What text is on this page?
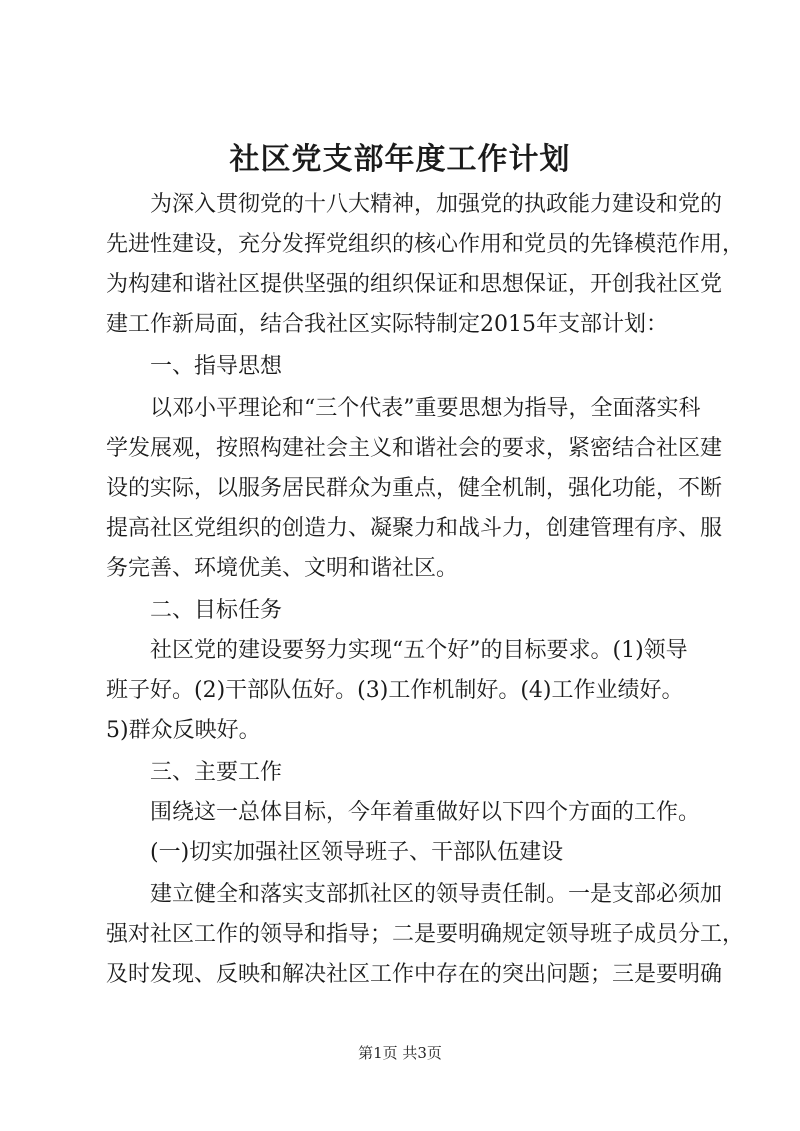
社区党支部年度工作计划
为深入贯彻党的十八大精神，加强党的执政能力建设和党的
先进性建设，充分发挥党组织的核心作用和党员的先锋模范作用，
为构建和谐社区提供坚强的组织保证和思想保证，开创我社区党
建工作新局面，结合我社区实际特制定2015年支部计划：
一、指导思想
以邓小平理论和“三个代表”重要思想为指导，全面落实科
学发展观，按照构建社会主义和谐社会的要求，紧密结合社区建
设的实际，以服务居民群众为重点，健全机制，强化功能，不断
提高社区党组织的创造力、凝聚力和战斗力，创建管理有序、服
务完善、环境优美、文明和谐社区。
二、目标任务
社区党的建设要努力实现“五个好”的目标要求。(1)领导
班子好。(2)干部队伍好。(3)工作机制好。(4)工作业绩好。
5)群众反映好。
三、主要工作
围绕这一总体目标，今年着重做好以下四个方面的工作。
(一)切实加强社区领导班子、干部队伍建设
建立健全和落实支部抓社区的领导责任制。一是支部必须加
强对社区工作的领导和指导；二是要明确规定领导班子成员分工，
及时发现、反映和解决社区工作中存在的突出问题；三是要明确
第1页 共3页
